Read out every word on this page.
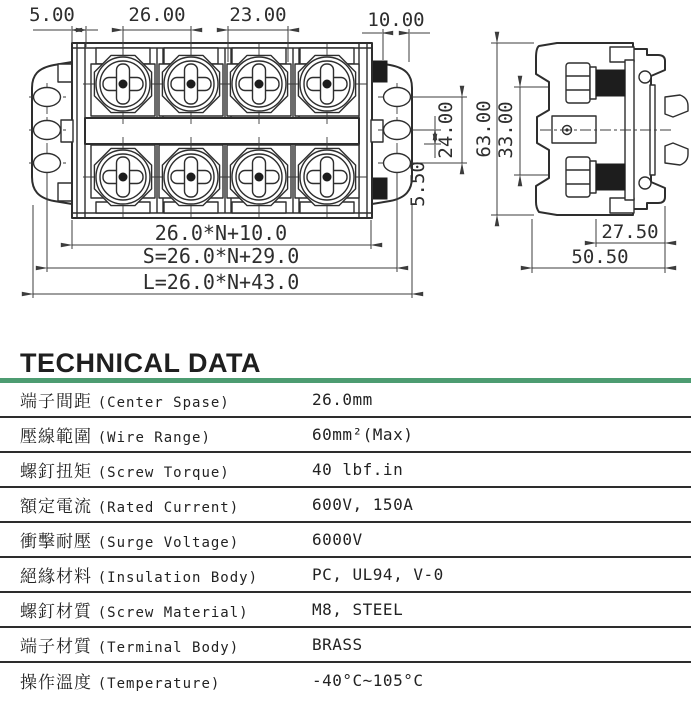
5.00	26.00 23.00	10.00
24.00
5.50
26.0*N+10.0
S=26.0*N+29.0
L=26.0*N+43.0
63.00 33.00
27.50
50.50
TECHNICAL DATA
端子間距 (Center Spase)	26.0mm
壓線範圍 (Wire Range)	60mm²(Max)
螺釘扭矩 (Screw Torque)	40 lbf.in
額定電流 (Rated Current)	600V, 150A
衝擊耐壓 (Surge Voltage)	6000V
絕緣材料 (Insulation Body)	PC, UL94, V-0
螺釘材質 (Screw Material)	M8, STEEL
端子材質 (Terminal Body)	BRASS
操作溫度 (Temperature)	-40°C~105°C
